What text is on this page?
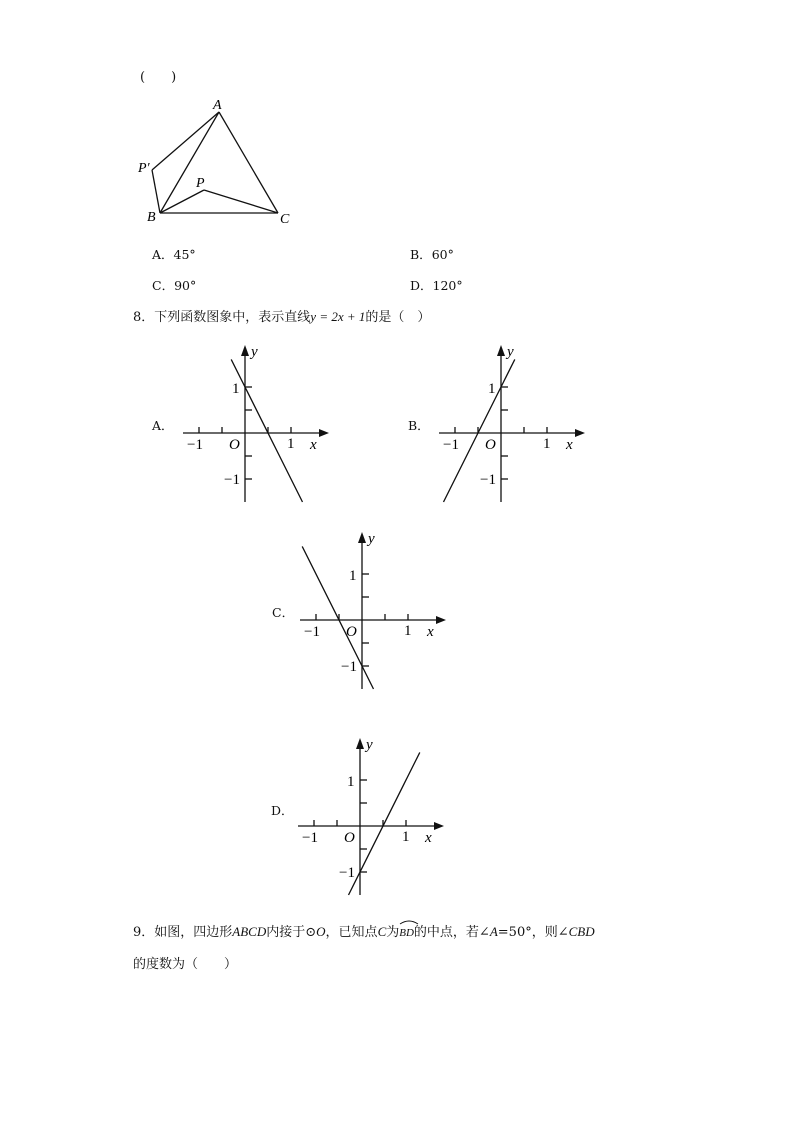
(　　)
A
P′
P
B	C
A．45°	B．60°
C．90°	D．120°
8．下列函数图象中，表示直线y = 2x + 1的是（　）
A．	B．
C．
D．
−1	1
1
−1
O	x
y
−1	1
1
−1
O	x
y
−1	1
1
−1
O	x
y
−1	1
1
−1
O	x
y
9．如图，四边形ABCD内接于⊙O，已知点C为
BD的中点，若∠A=50°，则∠CBD
的度数为（　　）
